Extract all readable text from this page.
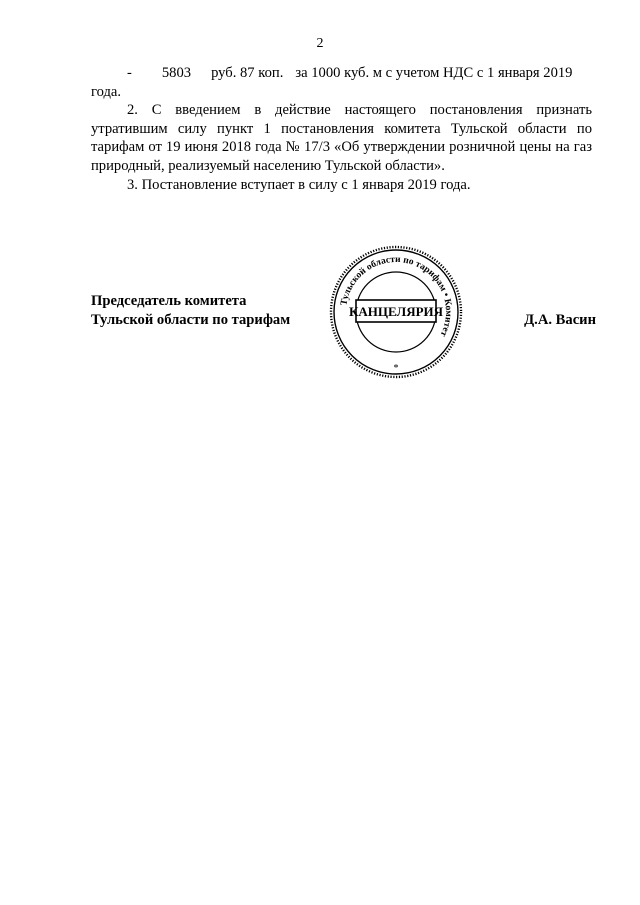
2

- 5803 руб. 87 коп. за 1000 куб. м с учетом НДС с 1 января 2019

года.

2. С введением в действие настоящего постановления признать утратившим силу пункт 1 постановления комитета Тульской области по тарифам от 19 июня 2018 года № 17/3 «Об утверждении розничной цены на газ природный, реализуемый населению Тульской области».

3. Постановление вступает в силу с 1 января 2019 года.

Председатель комитета
Тульской области по тарифам	Д.А. Васин
Тульской области по тарифам • Комитет
КАНЦЕЛЯРИЯ
*
